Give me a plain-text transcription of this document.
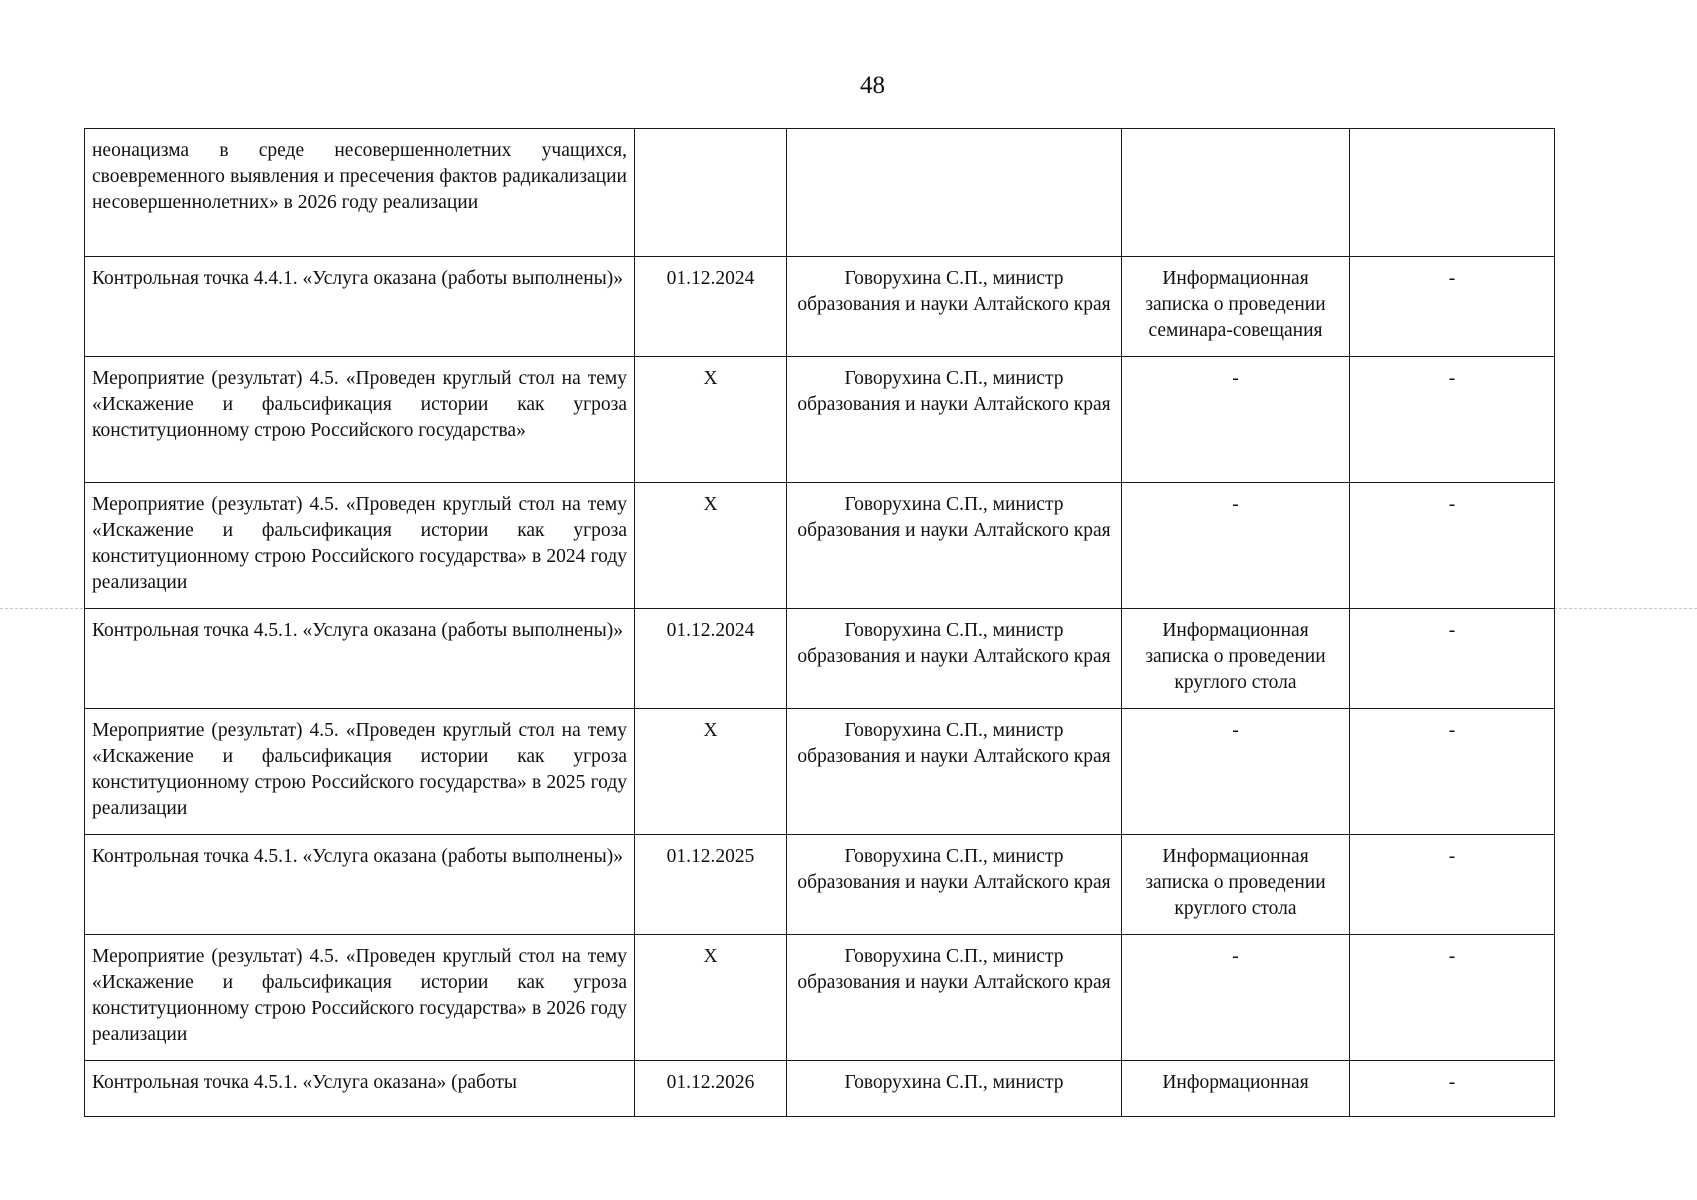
48
неонацизма в среде несовершеннолетних учащихся, своевременного выявления и пресечения фактов радикализации несовершеннолетних» в 2026 году реализации				
Контрольная точка 4.4.1. «Услуга оказана (работы выполнены)»	01.12.2024	Говорухина С.П., министр образования и науки Алтайского края	Информационная записка о проведении семинара-совещания	-
Мероприятие (результат) 4.5. «Проведен круглый стол на тему «Искажение и фальсификация истории как угроза конституционному строю Российского государства»	Х	Говорухина С.П., министр образования и науки Алтайского края	-	-
Мероприятие (результат) 4.5. «Проведен круглый стол на тему «Искажение и фальсификация истории как угроза конституционному строю Российского государства» в 2024 году реализации	Х	Говорухина С.П., министр образования и науки Алтайского края	-	-
Контрольная точка 4.5.1. «Услуга оказана (работы выполнены)»	01.12.2024	Говорухина С.П., министр образования и науки Алтайского края	Информационная записка о проведении круглого стола	-
Мероприятие (результат) 4.5. «Проведен круглый стол на тему «Искажение и фальсификация истории как угроза конституционному строю Российского государства» в 2025 году реализации	Х	Говорухина С.П., министр образования и науки Алтайского края	-	-
Контрольная точка 4.5.1. «Услуга оказана (работы выполнены)»	01.12.2025	Говорухина С.П., министр образования и науки Алтайского края	Информационная записка о проведении круглого стола	-
Мероприятие (результат) 4.5. «Проведен круглый стол на тему «Искажение и фальсификация истории как угроза конституционному строю Российского государства» в 2026 году реализации	Х	Говорухина С.П., министр образования и науки Алтайского края	-	-
Контрольная точка 4.5.1. «Услуга оказана» (работы	01.12.2026	Говорухина С.П., министр	Информационная	-
